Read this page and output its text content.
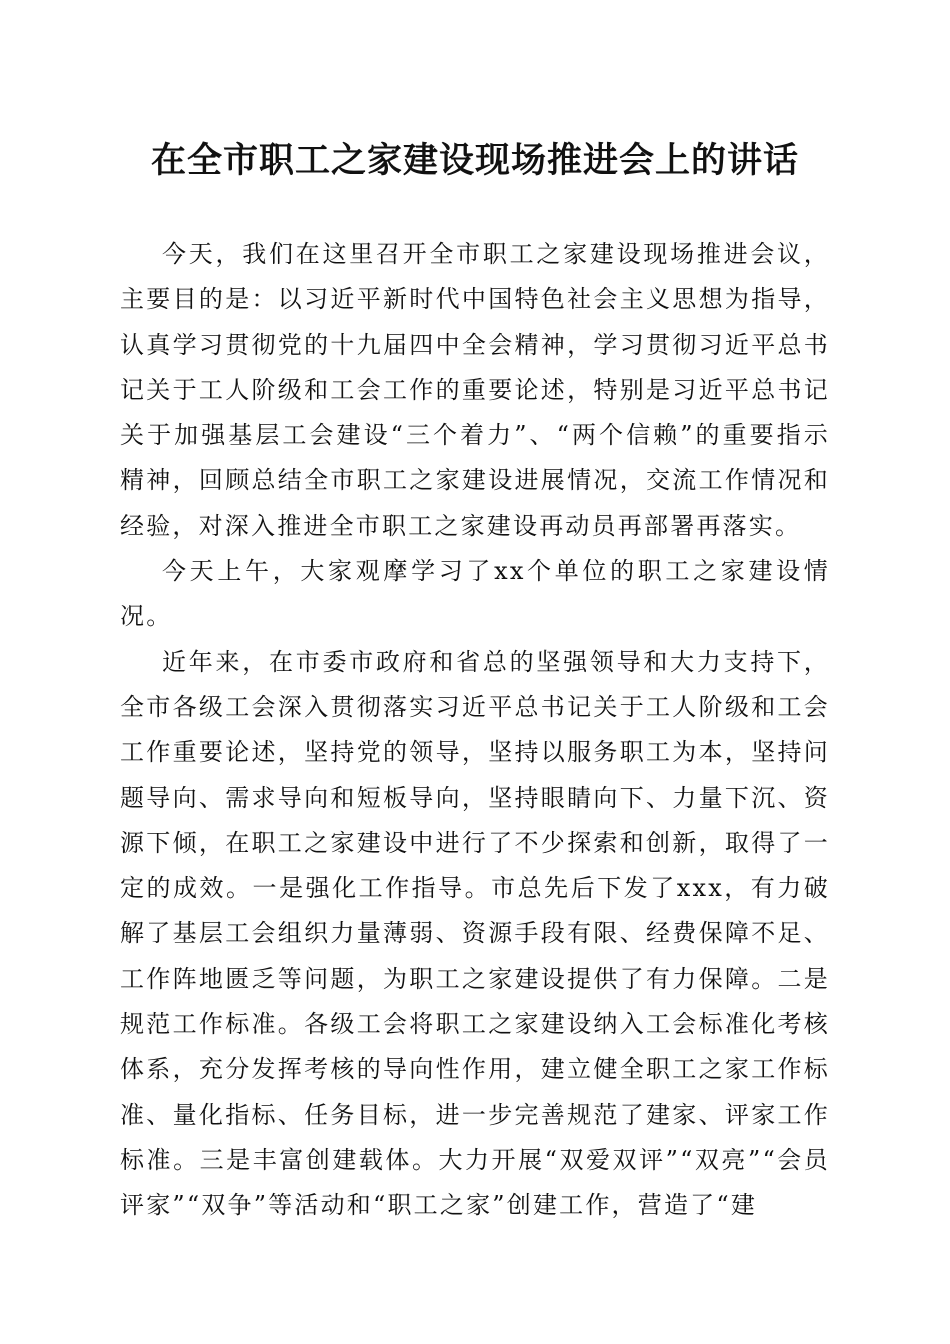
在全市职工之家建设现场推进会上的讲话

今天，我们在这里召开全市职工之家建设现场推进会议，主要目的是：以习近平新时代中国特色社会主义思想为指导，认真学习贯彻党的十九届四中全会精神，学习贯彻习近平总书记关于工人阶级和工会工作的重要论述，特别是习近平总书记关于加强基层工会建设“三个着力”、“两个信赖”的重要指示精神，回顾总结全市职工之家建设进展情况，交流工作情况和经验，对深入推进全市职工之家建设再动员再部署再落实。

今天上午，大家观摩学习了xx个单位的职工之家建设情况。

近年来，在市委市政府和省总的坚强领导和大力支持下，全市各级工会深入贯彻落实习近平总书记关于工人阶级和工会工作重要论述，坚持党的领导，坚持以服务职工为本，坚持问题导向、需求导向和短板导向，坚持眼睛向下、力量下沉、资源下倾，在职工之家建设中进行了不少探索和创新，取得了一定的成效。一是强化工作指导。市总先后下发了xxx，有力破解了基层工会组织力量薄弱、资源手段有限、经费保障不足、工作阵地匮乏等问题，为职工之家建设提供了有力保障。二是规范工作标准。各级工会将职工之家建设纳入工会标准化考核体系，充分发挥考核的导向性作用，建立健全职工之家工作标准、量化指标、任务目标，进一步完善规范了建家、评家工作标准。三是丰富创建载体。大力开展“双爱双评”“双亮”“会员评家”“双争”等活动和“职工之家”创建工作，营造了“建
